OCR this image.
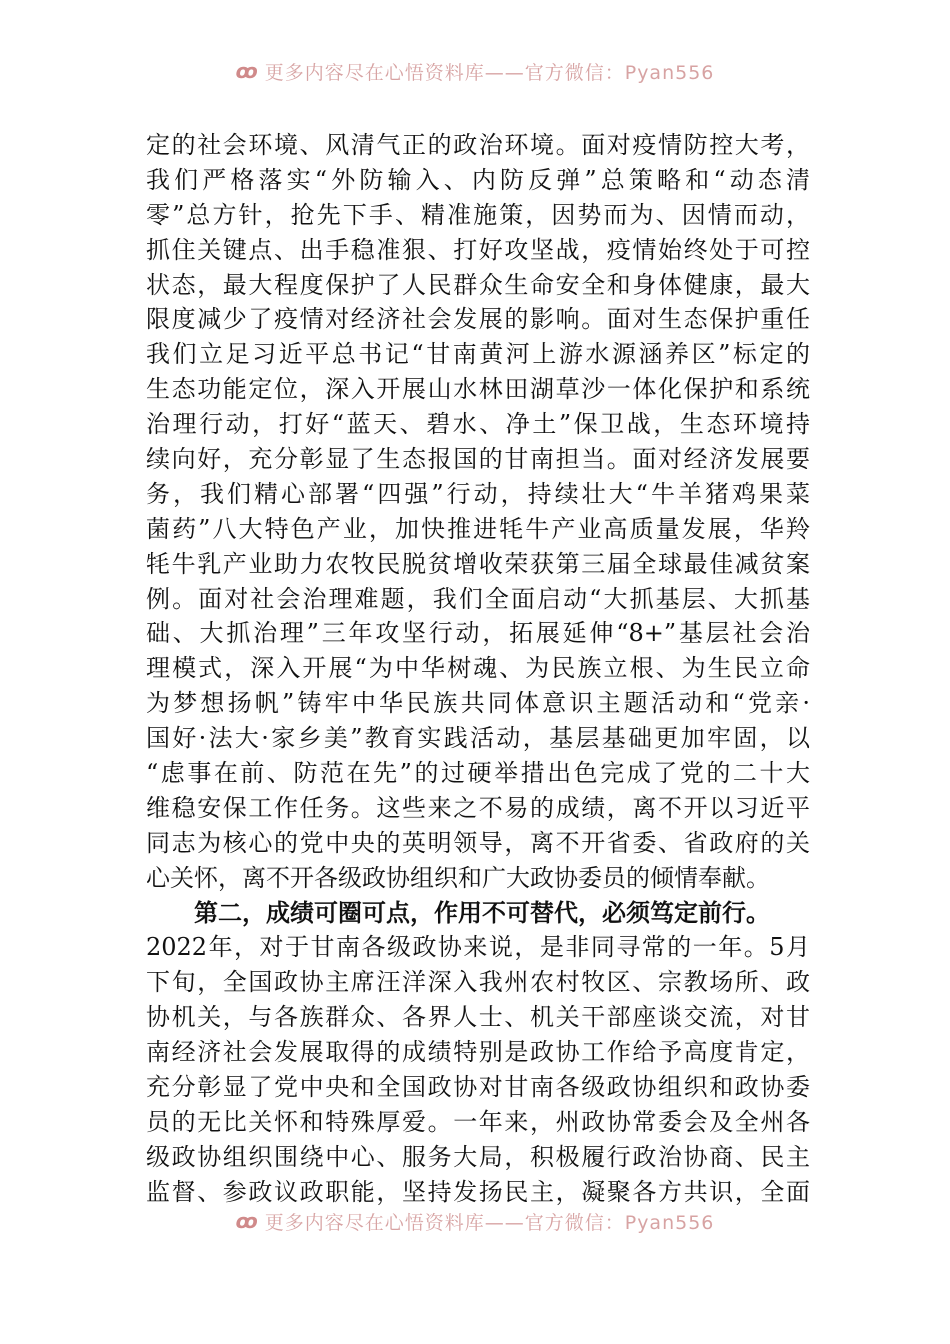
ꝏ 更多内容尽在心悟资料库——官方微信：Pyan556
定的社会环境、风清气正的政治环境。面对疫情防控大考，
我们严格落实“外防输入、内防反弹”总策略和“动态清
零”总方针，抢先下手、精准施策，因势而为、因情而动，
抓住关键点、出手稳准狠、打好攻坚战，疫情始终处于可控
状态，最大程度保护了人民群众生命安全和身体健康，最大
限度减少了疫情对经济社会发展的影响。面对生态保护重任
我们立足习近平总书记“甘南黄河上游水源涵养区”标定的
生态功能定位，深入开展山水林田湖草沙一体化保护和系统
治理行动，打好“蓝天、碧水、净土”保卫战，生态环境持
续向好，充分彰显了生态报国的甘南担当。面对经济发展要
务，我们精心部署“四强”行动，持续壮大“牛羊猪鸡果菜
菌药”八大特色产业，加快推进牦牛产业高质量发展，华羚
牦牛乳产业助力农牧民脱贫增收荣获第三届全球最佳减贫案
例。面对社会治理难题，我们全面启动“大抓基层、大抓基
础、大抓治理”三年攻坚行动，拓展延伸“8+”基层社会治
理模式，深入开展“为中华树魂、为民族立根、为生民立命
为梦想扬帆”铸牢中华民族共同体意识主题活动和“党亲·
国好·法大·家乡美”教育实践活动，基层基础更加牢固，以
“虑事在前、防范在先”的过硬举措出色完成了党的二十大
维稳安保工作任务。这些来之不易的成绩，离不开以习近平
同志为核心的党中央的英明领导，离不开省委、省政府的关
心关怀，离不开各级政协组织和广大政协委员的倾情奉献。
第二，成绩可圈可点，作用不可替代，必须笃定前行。
2022年，对于甘南各级政协来说，是非同寻常的一年。5月
下旬，全国政协主席汪洋深入我州农村牧区、宗教场所、政
协机关，与各族群众、各界人士、机关干部座谈交流，对甘
南经济社会发展取得的成绩特别是政协工作给予高度肯定，
充分彰显了党中央和全国政协对甘南各级政协组织和政协委
员的无比关怀和特殊厚爱。一年来，州政协常委会及全州各
级政协组织围绕中心、服务大局，积极履行政治协商、民主
监督、参政议政职能，坚持发扬民主，凝聚各方共识，全面
ꝏ 更多内容尽在心悟资料库——官方微信：Pyan556
